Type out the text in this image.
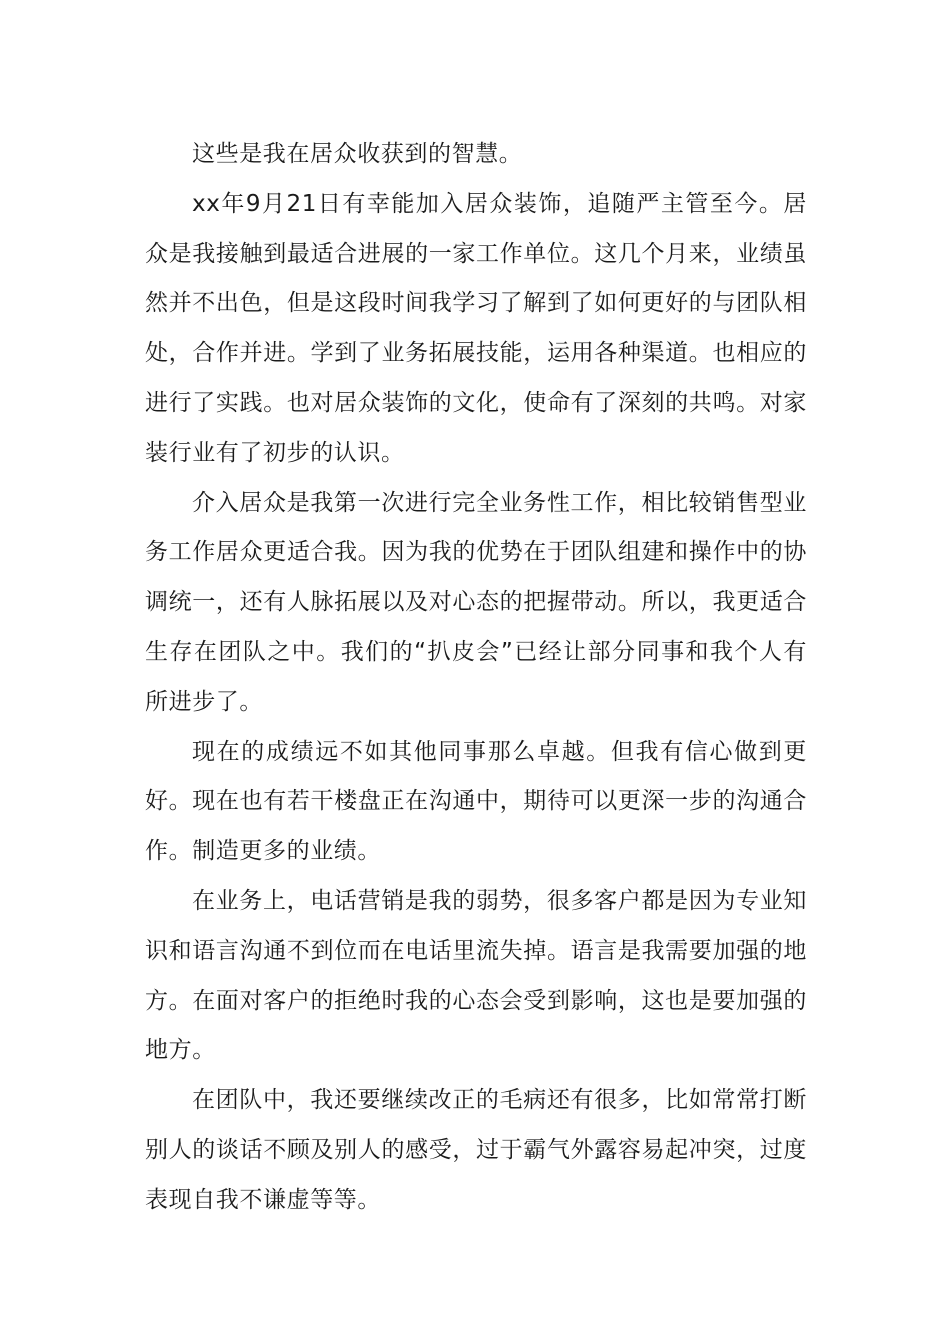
这些是我在居众收获到的智慧。

xx年9月21日有幸能加入居众装饰，追随严主管至今。居众是我接触到最适合进展的一家工作单位。这几个月来，业绩虽然并不出色，但是这段时间我学习了解到了如何更好的与团队相处，合作并进。学到了业务拓展技能，运用各种渠道。也相应的进行了实践。也对居众装饰的文化，使命有了深刻的共鸣。对家装行业有了初步的认识。

介入居众是我第一次进行完全业务性工作，相比较销售型业务工作居众更适合我。因为我的优势在于团队组建和操作中的协调统一，还有人脉拓展以及对心态的把握带动。所以，我更适合生存在团队之中。我们的“扒皮会”已经让部分同事和我个人有所进步了。

现在的成绩远不如其他同事那么卓越。但我有信心做到更好。现在也有若干楼盘正在沟通中，期待可以更深一步的沟通合作。制造更多的业绩。

在业务上，电话营销是我的弱势，很多客户都是因为专业知识和语言沟通不到位而在电话里流失掉。语言是我需要加强的地方。在面对客户的拒绝时我的心态会受到影响，这也是要加强的地方。

在团队中，我还要继续改正的毛病还有很多，比如常常打断别人的谈话不顾及别人的感受，过于霸气外露容易起冲突，过度表现自我不谦虚等等。
